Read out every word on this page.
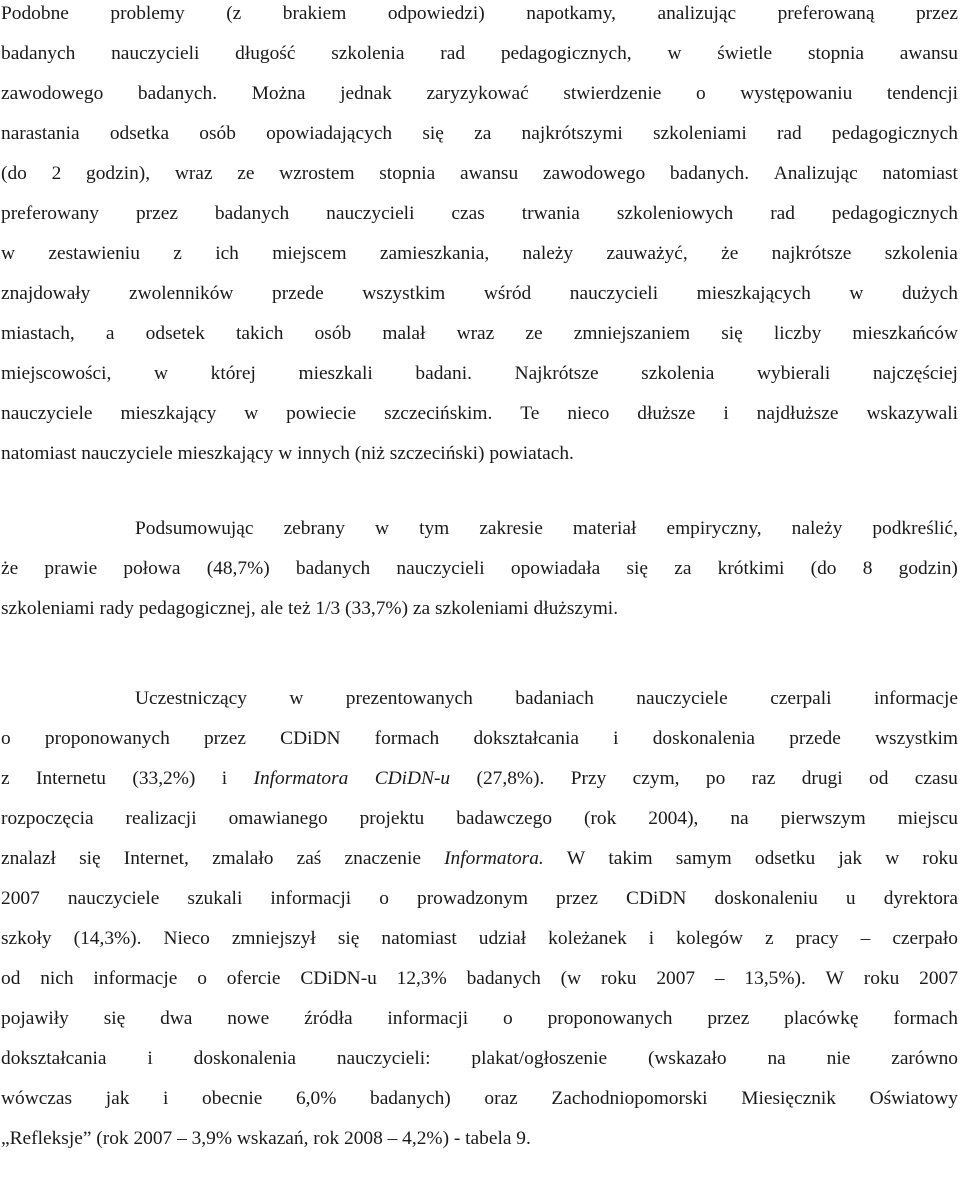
Podobne problemy (z brakiem odpowiedzi) napotkamy, analizując preferowaną przez
badanych nauczycieli długość szkolenia rad pedagogicznych, w świetle stopnia awansu
zawodowego badanych. Można jednak zaryzykować stwierdzenie o występowaniu tendencji
narastania odsetka osób opowiadających się za najkrótszymi szkoleniami rad pedagogicznych
(do 2 godzin), wraz ze wzrostem stopnia awansu zawodowego badanych. Analizując natomiast
preferowany przez badanych nauczycieli czas trwania szkoleniowych rad pedagogicznych
w zestawieniu z ich miejscem zamieszkania, należy zauważyć, że najkrótsze szkolenia
znajdowały zwolenników przede wszystkim wśród nauczycieli mieszkających w dużych
miastach, a odsetek takich osób malał wraz ze zmniejszaniem się liczby mieszkańców
miejscowości, w której mieszkali badani. Najkrótsze szkolenia wybierali najczęściej
nauczyciele mieszkający w powiecie szczecińskim. Te nieco dłuższe i najdłuższe wskazywali
natomiast nauczyciele mieszkający w innych (niż szczeciński) powiatach.
Podsumowując zebrany w tym zakresie materiał empiryczny, należy podkreślić,
że prawie połowa (48,7%) badanych nauczycieli opowiadała się za krótkimi (do 8 godzin)
szkoleniami rady pedagogicznej, ale też 1/3 (33,7%) za szkoleniami dłuższymi.
Uczestniczący w prezentowanych badaniach nauczyciele czerpali informacje
o proponowanych przez CDiDN formach dokształcania i doskonalenia przede wszystkim
z Internetu (33,2%) i Informatora CDiDN-u (27,8%). Przy czym, po raz drugi od czasu
rozpoczęcia realizacji omawianego projektu badawczego (rok 2004), na pierwszym miejscu
znalazł się Internet, zmalało zaś znaczenie Informatora. W takim samym odsetku jak w roku
2007 nauczyciele szukali informacji o prowadzonym przez CDiDN doskonaleniu u dyrektora
szkoły (14,3%). Nieco zmniejszył się natomiast udział koleżanek i kolegów z pracy – czerpało
od nich informacje o ofercie CDiDN-u 12,3% badanych (w roku 2007 – 13,5%). W roku 2007
pojawiły się dwa nowe źródła informacji o proponowanych przez placówkę formach
dokształcania i doskonalenia nauczycieli: plakat/ogłoszenie (wskazało na nie zarówno
wówczas jak i obecnie 6,0% badanych) oraz Zachodniopomorski Miesięcznik Oświatowy
„Refleksje” (rok 2007 – 3,9% wskazań, rok 2008 – 4,2%) - tabela 9.
